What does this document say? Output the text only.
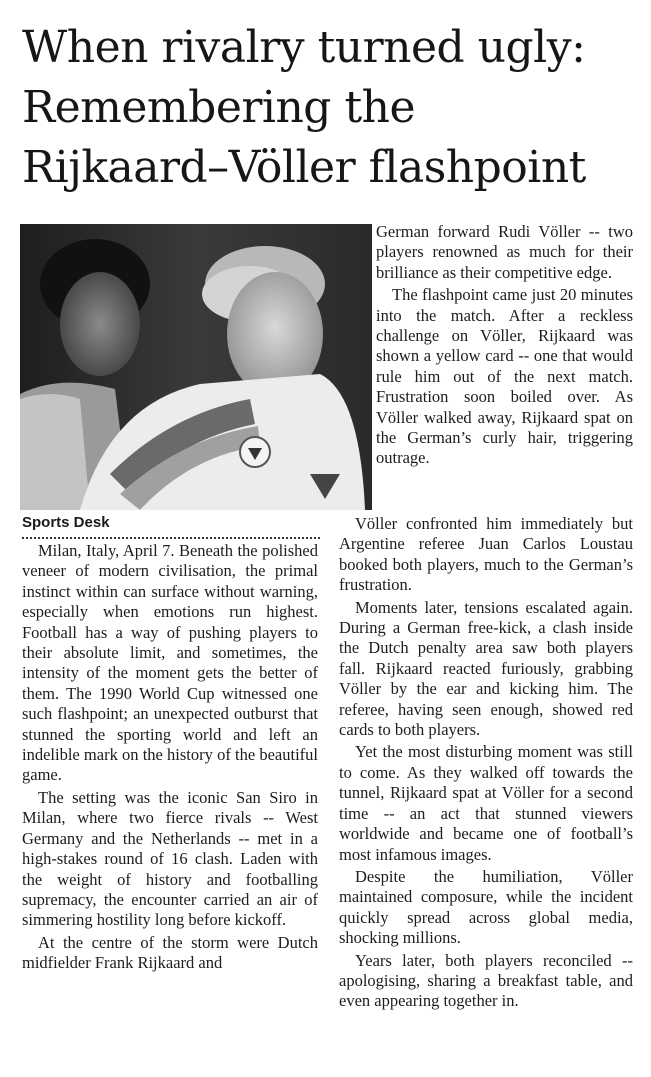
When rivalry turned ugly:
Remembering the
Rijkaard–Völler flashpoint
Sports Desk

Milan, Italy, April 7. Beneath the polished veneer of modern civilisation, the primal instinct within can surface without warning, especially when emotions run highest. Football has a way of pushing players to their absolute limit, and sometimes, the intensity of the moment gets the better of them. The 1990 World Cup witnessed one such flashpoint; an unexpected outburst that stunned the sporting world and left an indelible mark on the history of the beautiful game.

The setting was the iconic San Siro in Milan, where two fierce rivals -- West Germany and the Netherlands -- met in a high-stakes round of 16 clash. Laden with the weight of history and footballing supremacy, the encounter carried an air of simmering hostility long before kickoff.

At the centre of the storm were Dutch midfielder Frank Rijkaard and

German forward Rudi Völler -- two players renowned as much for their brilliance as their competitive edge.

The flashpoint came just 20 minutes into the match. After a reckless challenge on Völler, Rijkaard was shown a yellow card -- one that would rule him out of the next match. Frustration soon boiled over. As Völler walked away, Rijkaard spat on the German’s curly hair, triggering outrage.

Völler confronted him immediately but Argentine referee Juan Carlos Loustau booked both players, much to the German’s frustration.

Moments later, tensions escalated again. During a German free-kick, a clash inside the Dutch penalty area saw both players fall. Rijkaard reacted furiously, grabbing Völler by the ear and kicking him. The referee, having seen enough, showed red cards to both players.

Yet the most disturbing moment was still to come. As they walked off towards the tunnel, Rijkaard spat at Völler for a second time -- an act that stunned viewers worldwide and became one of football’s most infamous images.

Despite the humiliation, Völler maintained composure, while the incident quickly spread across global media, shocking millions.

Years later, both players reconciled -- apologising, sharing a breakfast table, and even appearing together in.
